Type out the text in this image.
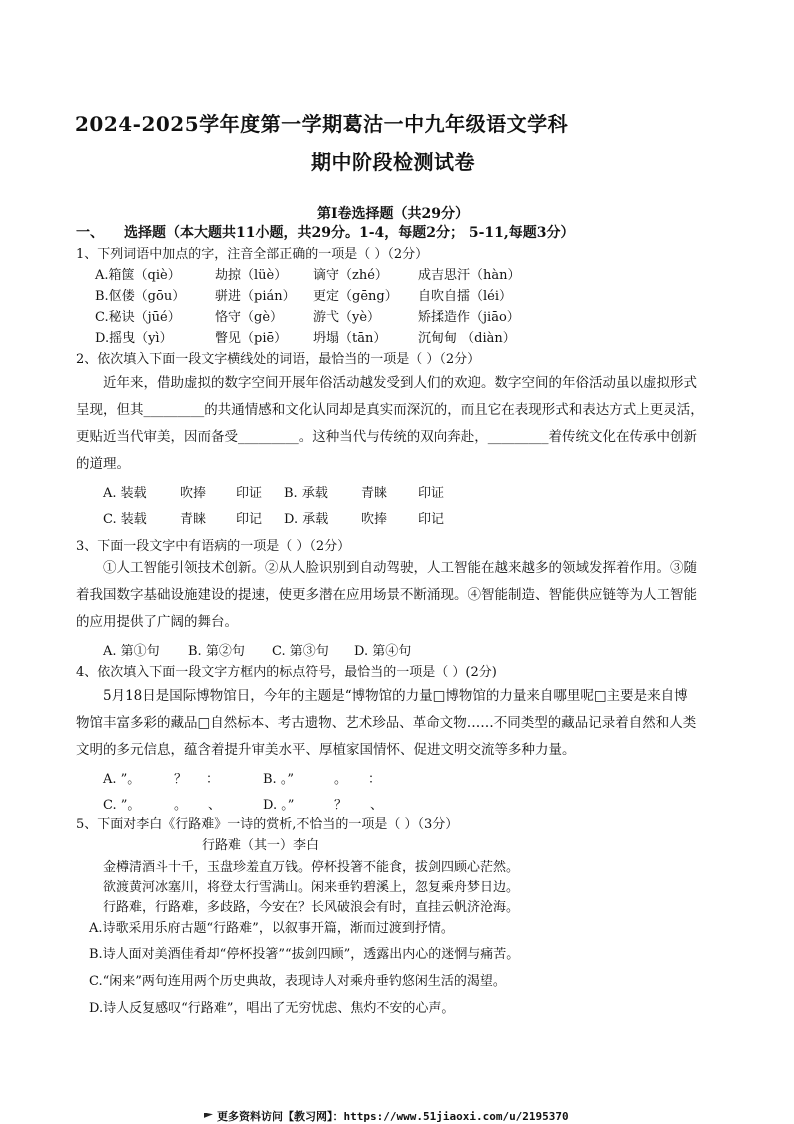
2024-2025学年度第一学期葛沽一中九年级语文学科
期中阶段检测试卷
第Ⅰ卷选择题（共29分）
一、 选择题（本大题共11小题，共29分。1-4，每题2分； 5-11,每题3分）
1、下列词语中加点的字，注音全部正确的一项是（ ）（2分）
A.箱箧（qiè）	劫掠（lüè） 谪守（zhé） 成吉思汗（hàn）
B.伛偻（gōu） 骈进（pián） 更定（gēng） 自吹自擂（léi）
C.秘诀（jūé）	恪守（gè） 游弋（yè）	矫揉造作（jiāo）
D.摇曳（yì）	瞥见（piē） 坍塌（tān） 沉甸甸 （diàn）
2、依次填入下面一段文字横线处的词语，最恰当的一项是（ ）（2分）
近年来，借助虚拟的数字空间开展年俗活动越发受到人们的欢迎。数字空间的年俗活动虽以虚拟形式
呈现，但其_________的共通情感和文化认同却是真实而深沉的，而且它在表现形式和表达方式上更灵活，
更贴近当代审美，因而备受_________。这种当代与传统的双向奔赴，_________着传统文化在传承中创新
的道理。
A. 装载	吹捧 印证 B. 承载	青睐 印证
C. 装载	青睐 印记 D. 承载	吹捧 印记
3、下面一段文字中有语病的一项是（ ）（2分）
①人工智能引领技术创新。②从人脸识别到自动驾驶，人工智能在越来越多的领域发挥着作用。③随
着我国数字基础设施建设的提速，使更多潜在应用场景不断涌现。④智能制造、智能供应链等为人工智能
的应用提供了广阔的舞台。
A. 第①句 B. 第②句 C. 第③句 D. 第④句
4、依次填入下面一段文字方框内的标点符号，最恰当的一项是（ ）(2分)
5月18日是国际博物馆日，今年的主题是“博物馆的力量□博物馆的力量来自哪里呢□主要是来自博
物馆丰富多彩的藏品□自然标本、考古遗物、艺术珍品、革命文物……不同类型的藏品记录着自然和人类
文明的多元信息，蕴含着提升审美水平、厚植家国情怀、促进文明交流等多种力量。
A. ”。	？ ：	B. 。”	。 ：
C. ”。	。 、	D. 。”	？ 、
5、下面对李白《行路难》一诗的赏析,不恰当的一项是（ ）（3分）
行路难（其一）李白
金樽清酒斗十千，玉盘珍羞直万钱。停杯投箸不能食，拔剑四顾心茫然。
欲渡黄河冰塞川，将登太行雪满山。闲来垂钓碧溪上，忽复乘舟梦日边。
行路难，行路难，多歧路，今安在？长风破浪会有时，直挂云帆济沧海。
A.诗歌采用乐府古题“行路难”，以叙事开篇，渐而过渡到抒情。
B.诗人面对美酒佳肴却“停杯投箸”“拔剑四顾”，透露出内心的迷惘与痛苦。
C.“闲来”两句连用两个历史典故，表现诗人对乘舟垂钓悠闲生活的渴望。
D.诗人反复感叹“行路难”，唱出了无穷忧虑、焦灼不安的心声。
更多资料访问【教习网】：https://www.51jiaoxi.com/u/2195370
